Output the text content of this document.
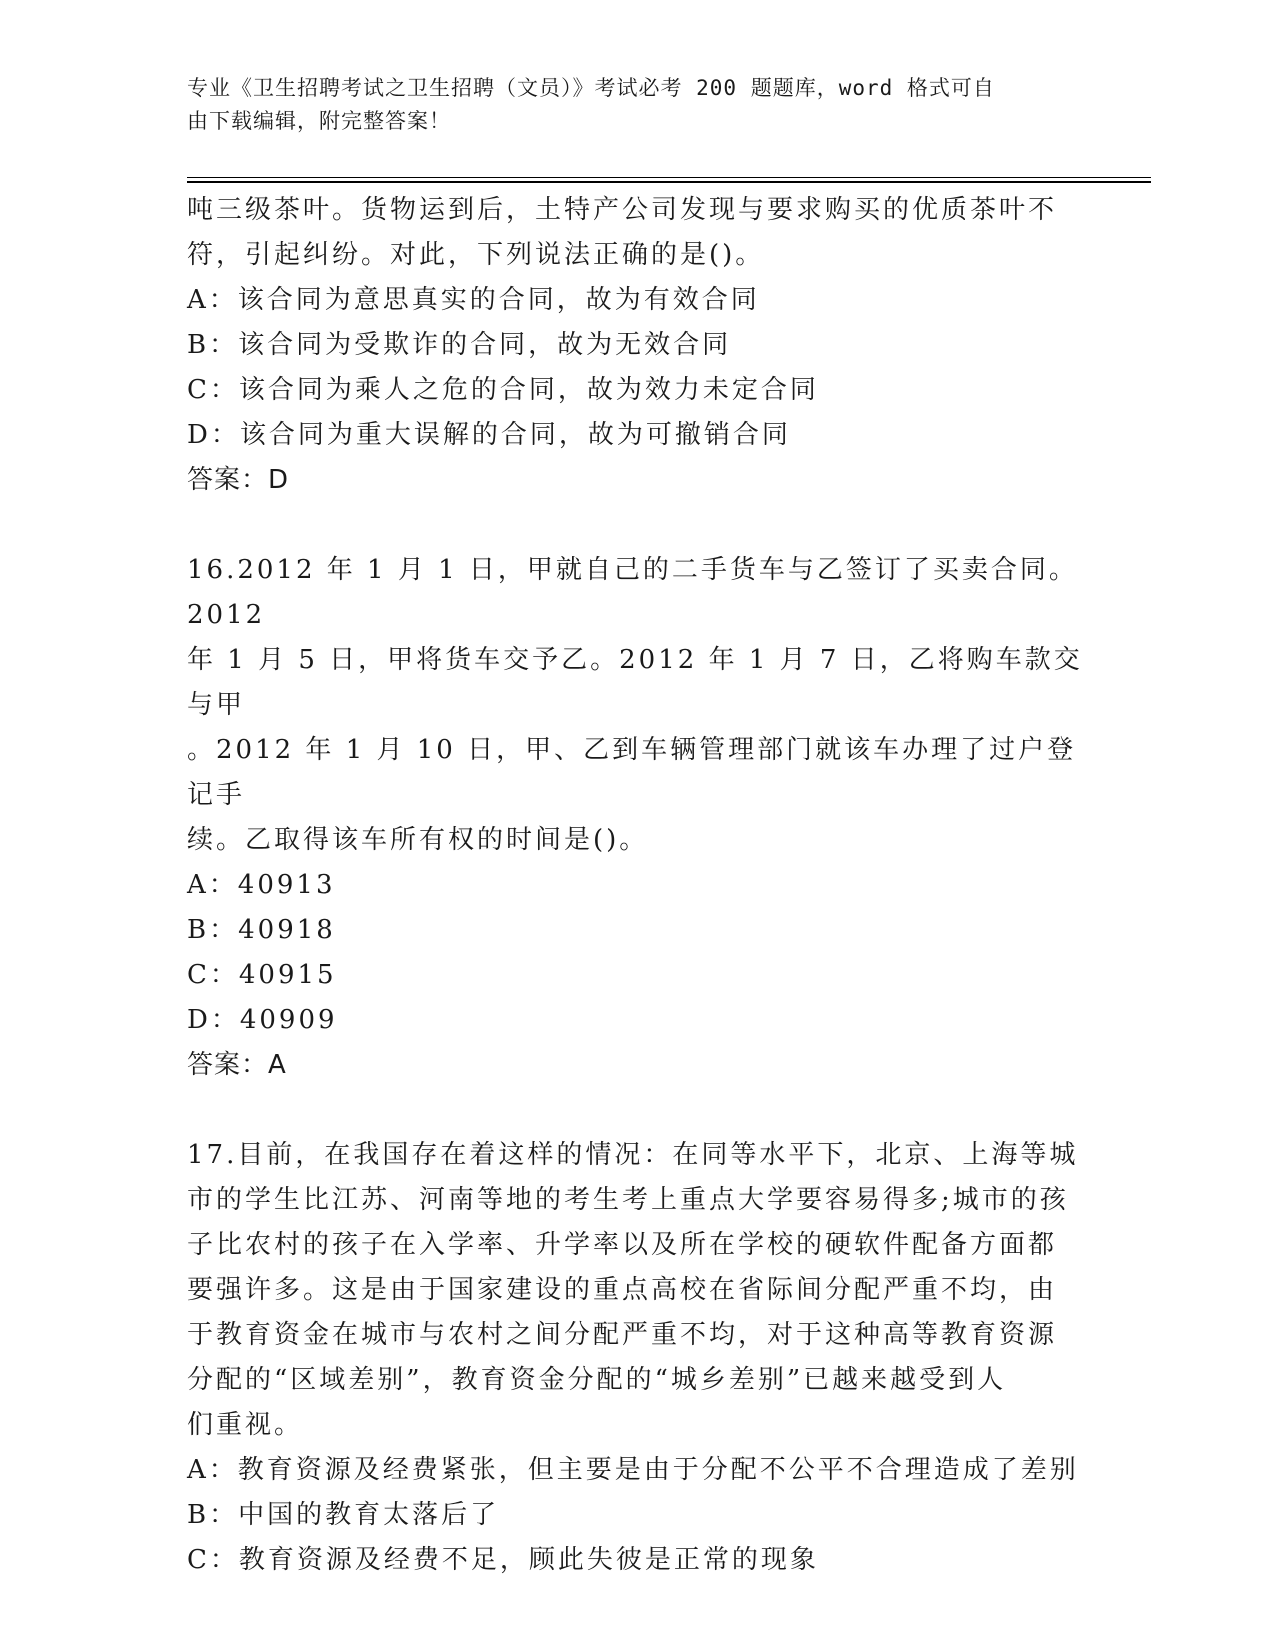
专业《卫生招聘考试之卫生招聘（文员）》考试必考 200 题题库，word 格式可自
由下载编辑，附完整答案！

吨三级茶叶。货物运到后，土特产公司发现与要求购买的优质茶叶不

符，引起纠纷。对此，下列说法正确的是()。

A：该合同为意思真实的合同，故为有效合同

B：该合同为受欺诈的合同，故为无效合同

C：该合同为乘人之危的合同，故为效力未定合同

D：该合同为重大误解的合同，故为可撤销合同

答案：D

16.2012 年 1 月 1 日，甲就自己的二手货车与乙签订了买卖合同。2012

年 1 月 5 日，甲将货车交予乙。2012 年 1 月 7 日，乙将购车款交与甲

。2012 年 1 月 10 日，甲、乙到车辆管理部门就该车办理了过户登记手

续。乙取得该车所有权的时间是()。

A：40913

B：40918

C：40915

D：40909

答案：A

17.目前，在我国存在着这样的情况：在同等水平下，北京、上海等城

市的学生比江苏、河南等地的考生考上重点大学要容易得多;城市的孩

子比农村的孩子在入学率、升学率以及所在学校的硬软件配备方面都

要强许多。这是由于国家建设的重点高校在省际间分配严重不均，由

于教育资金在城市与农村之间分配严重不均，对于这种高等教育资源

分配的“区域差别”，教育资金分配的“城乡差别”已越来越受到人

们重视。

A：教育资源及经费紧张，但主要是由于分配不公平不合理造成了差别

B：中国的教育太落后了

C：教育资源及经费不足，顾此失彼是正常的现象
